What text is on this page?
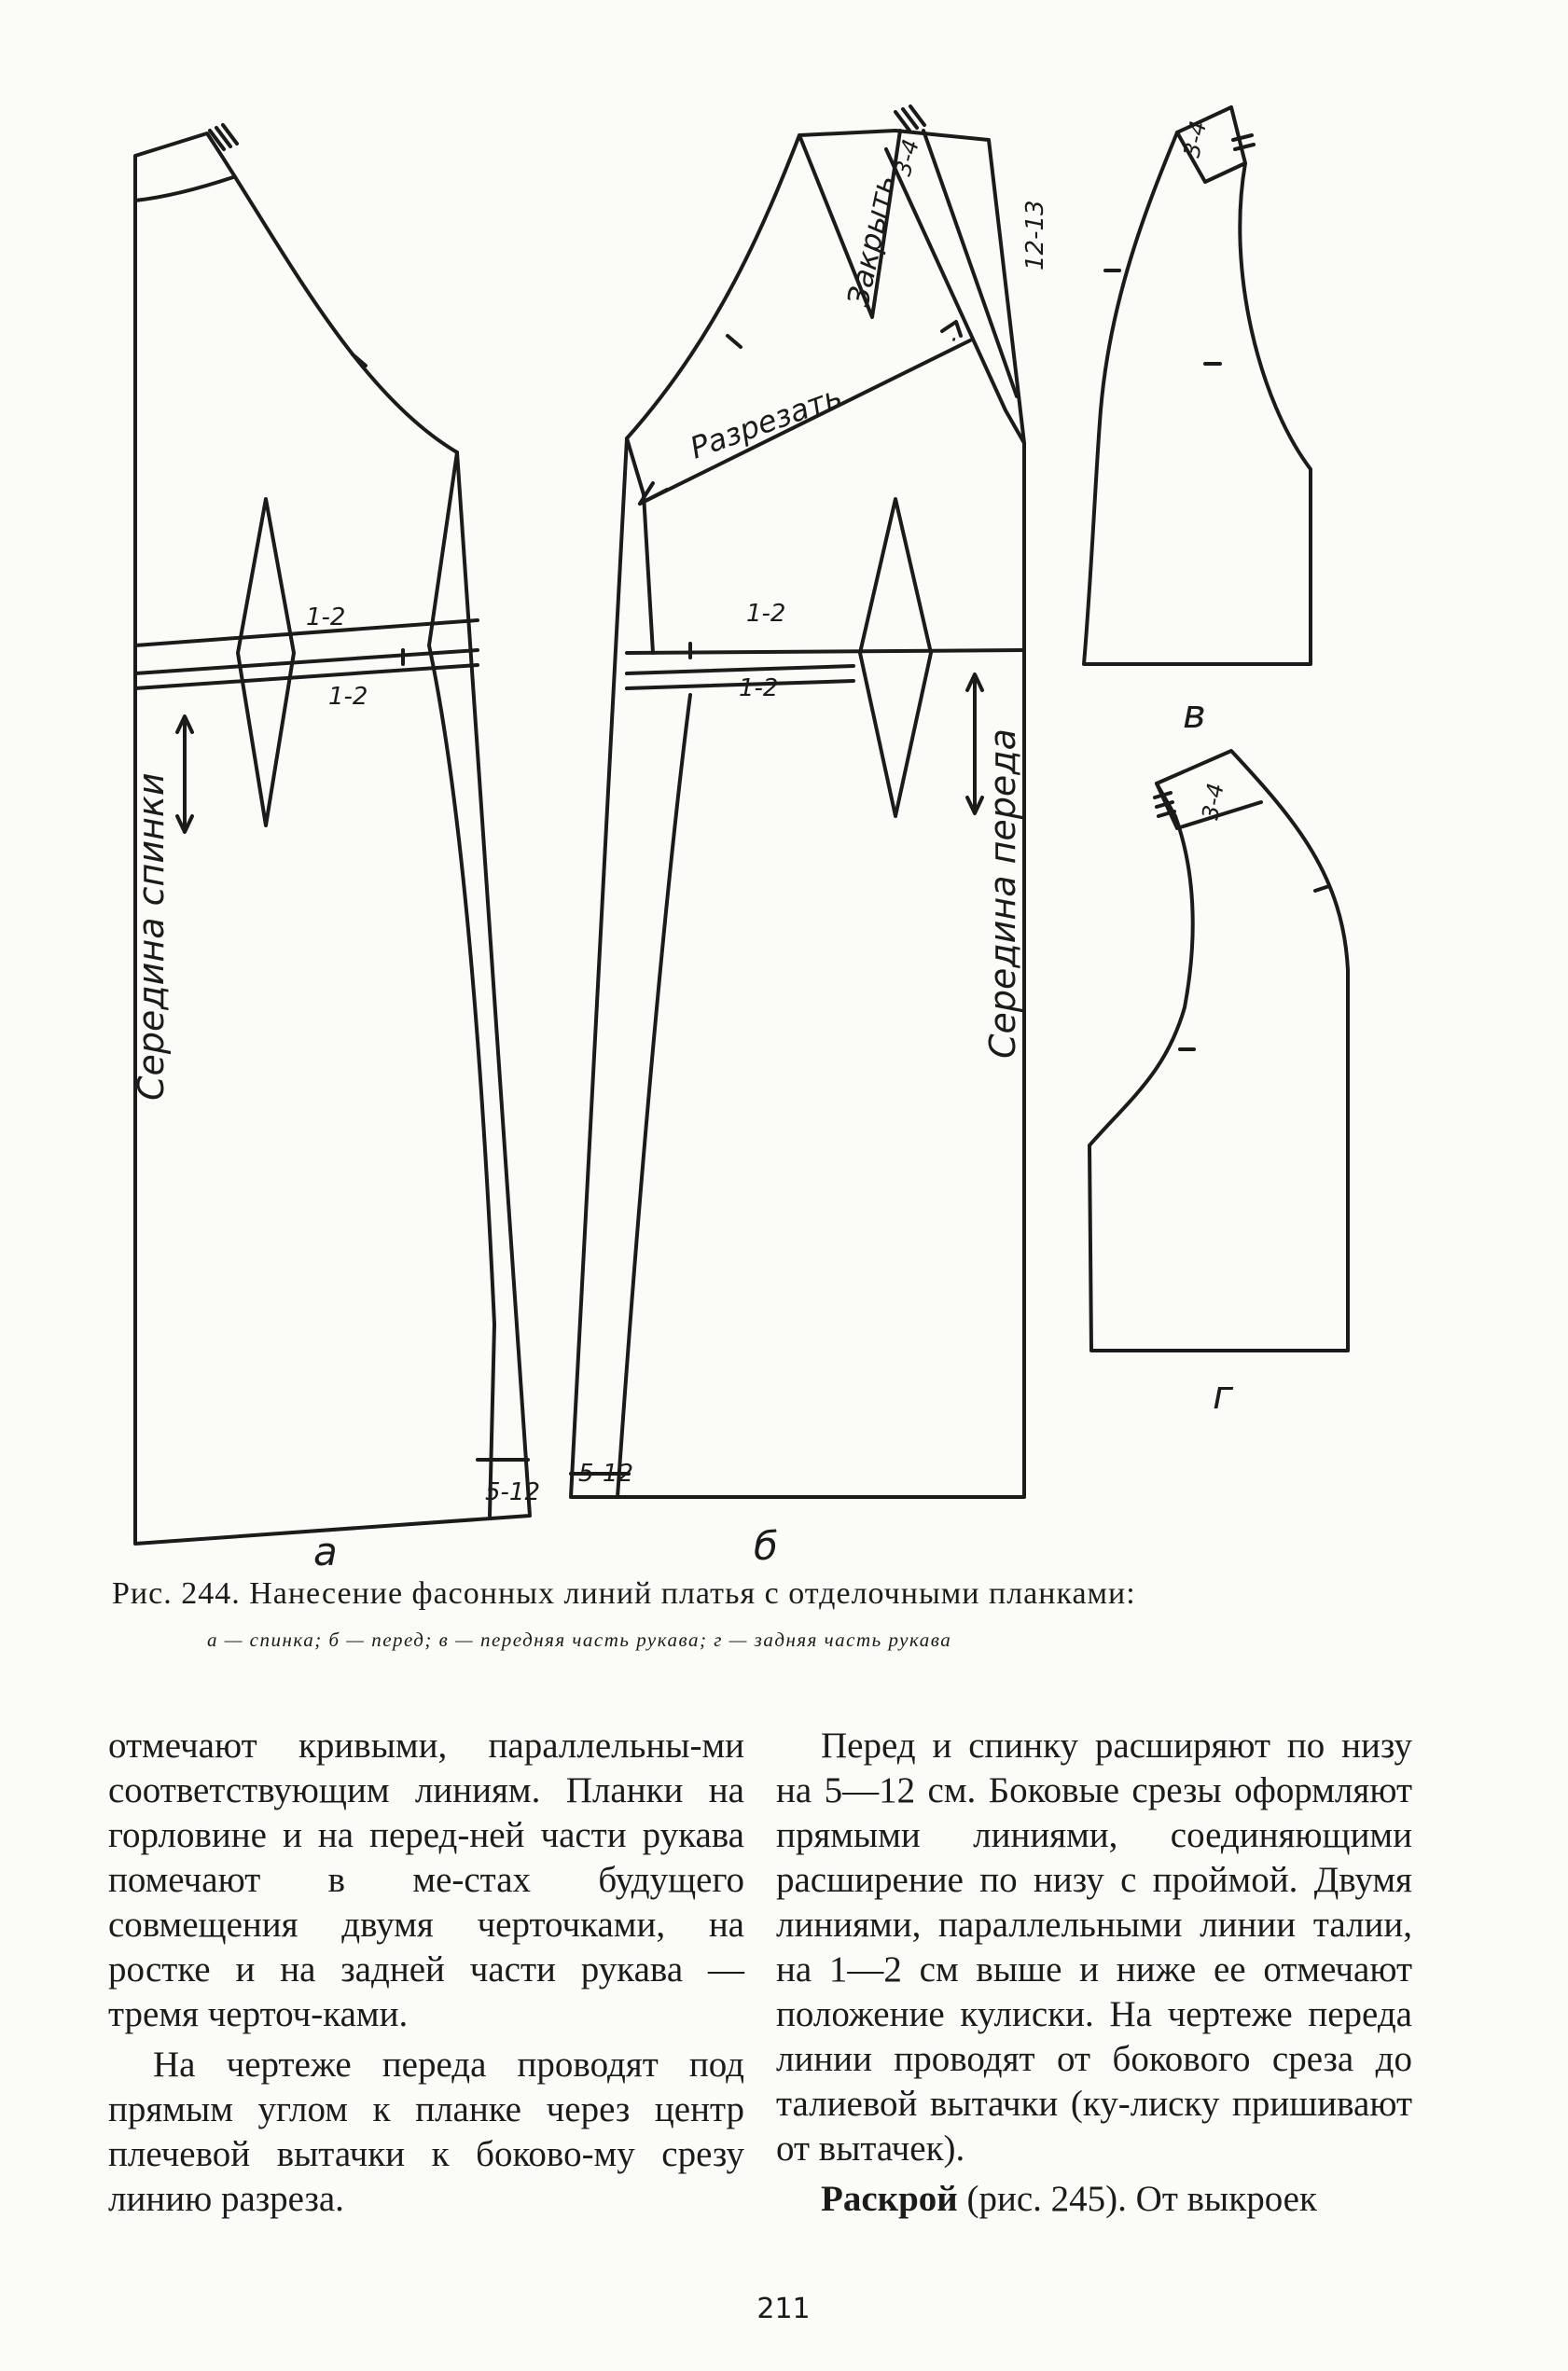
Середина спинки	Середина переда
Закрыть
Разрезать
1-2
1-2
1-2
1-2
3-4
12-13
5-12
5-12
3-4
3-4
·
а	б
в
г
Рис. 244. Нанесение фасонных линий платья с отделочными планками:
а — спинка; б — перед; в — передняя часть рукава; г — задняя часть рукава

отмечают кривыми, параллельны-ми соответствующим линиям. Планки на горловине и на перед-ней части рукава помечают в ме-стах будущего совмещения двумя черточками, на ростке и на задней части рукава — тремя черточ-ками.

На чертеже переда проводят под прямым углом к планке через центр плечевой вытачки к боково-му срезу линию разреза.

Перед и спинку расширяют по низу на 5—12 см. Боковые срезы оформляют прямыми линиями, соединяющими расширение по низу с проймой. Двумя линиями, параллельными линии талии, на 1—2 см выше и ниже ее отмечают положение кулиски. На чертеже переда линии проводят от бокового среза до талиевой вытачки (ку-лиску пришивают от вытачек).

Раскрой (рис. 245). От выкроек

211
